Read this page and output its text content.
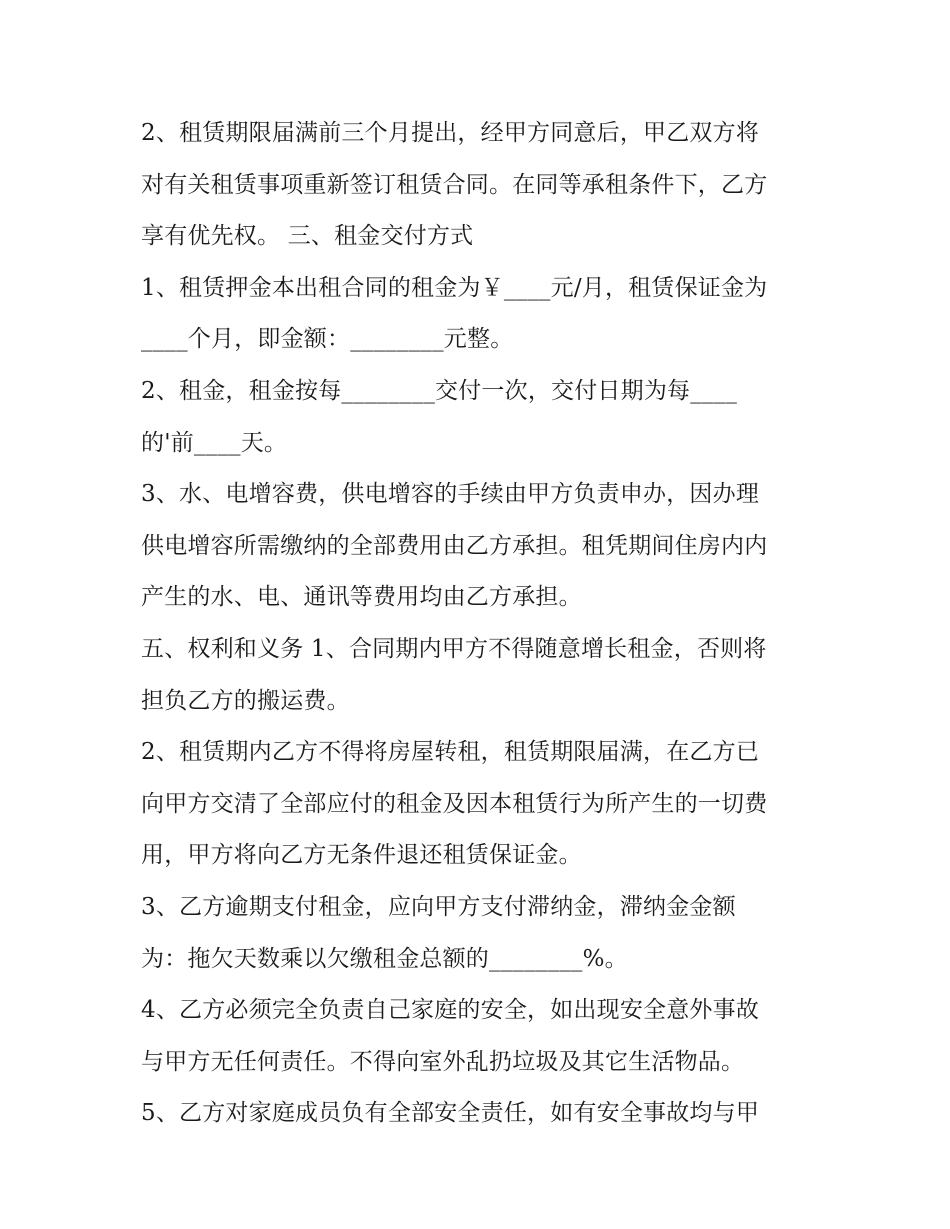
2、租赁期限届满前三个月提出，经甲方同意后，甲乙双方将
对有关租赁事项重新签订租赁合同。在同等承租条件下，乙方
享有优先权。 三、租金交付方式
1、租赁押金本出租合同的租金为￥____元/月，租赁保证金为
____个月，即金额：________元整。
2、租金，租金按每________交付一次，交付日期为每____
的'前____天。
3、水、电增容费，供电增容的手续由甲方负责申办，因办理
供电增容所需缴纳的全部费用由乙方承担。租凭期间住房内内
产生的水、电、通讯等费用均由乙方承担。
五、权利和义务 1、合同期内甲方不得随意增长租金，否则将
担负乙方的搬运费。
2、租赁期内乙方不得将房屋转租，租赁期限届满，在乙方已
向甲方交清了全部应付的租金及因本租赁行为所产生的一切费
用，甲方将向乙方无条件退还租赁保证金。
3、乙方逾期支付租金，应向甲方支付滞纳金，滞纳金金额
为：拖欠天数乘以欠缴租金总额的________%。
4、乙方必须完全负责自己家庭的安全，如出现安全意外事故
与甲方无任何责任。不得向室外乱扔垃圾及其它生活物品。
5、乙方对家庭成员负有全部安全责任，如有安全事故均与甲
